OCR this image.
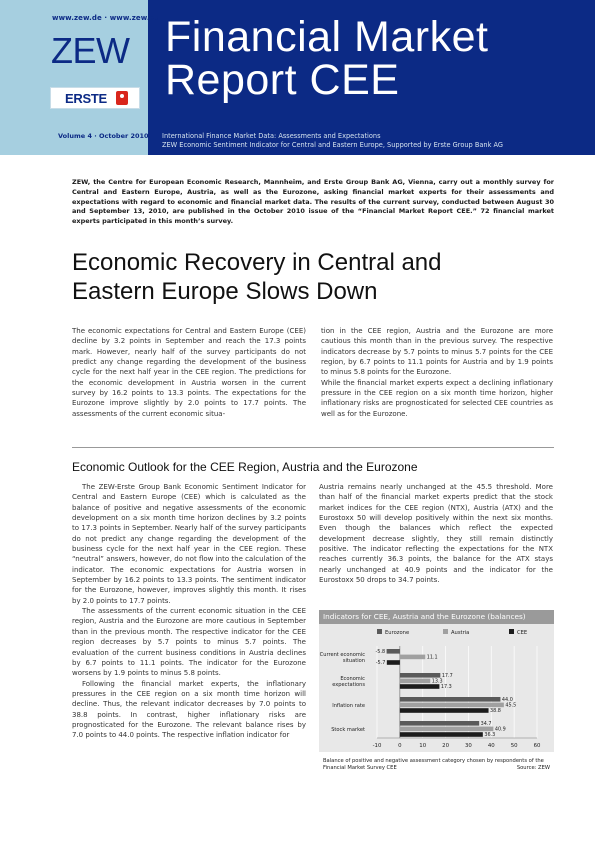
www.zew.de · www.zew.eu
ZEW
ERSTE
Financial Market
Report CEE
Volume 4 · October 2010 International Finance Market Data: Assessments and Expectations
ZEW Economic Sentiment Indicator for Central and Eastern Europe, Supported by Erste Group Bank AG

ZEW, the Centre for European Economic Research, Mannheim, and Erste Group Bank AG, Vienna, carry out a monthly survey for Central and Eastern Europe, Austria, as well as the Eurozone, asking financial market experts for their assessments and expectations with regard to economic and financial market data. The results of the current survey, conducted between August 30 and September 13, 2010, are published in the October 2010 issue of the “Financial Market Report CEE.” 72 financial market experts participated in this month’s survey.

Economic Recovery in Central and
Eastern Europe Slows Down

The economic expectations for Central and Eastern Europe (CEE) decline by 3.2 points in September and reach the 17.3 points mark. However, nearly half of the survey participants do not predict any change regarding the development of the business cycle for the next half year in the CEE region. The predictions for the economic development in Austria worsen in the current survey by 16.2 points to 13.3 points. The expectations for the Eurozone improve slightly by 2.0 points to 17.7 points. The assessments of the current economic situa-

tion in the CEE region, Austria and the Eurozone are more cautious this month than in the previous survey. The respective indicators decrease by 5.7 points to minus 5.7 points for the CEE region, by 6.7 points to 11.1 points for Austria and by 1.9 points to minus 5.8 points for the Eurozone.

While the financial market experts expect a declining inflationary pressure in the CEE region on a six month time horizon, higher inflationary risks are prognosticated for selected CEE countries as well as for the Eurozone.

Economic Outlook for the CEE Region, Austria and the Eurozone

The ZEW-Erste Group Bank Economic Sentiment Indicator for Central and Eastern Europe (CEE) which is calculated as the balance of positive and negative assessments of the economic development on a six month time horizon declines by 3.2 points to 17.3 points in September. Nearly half of the survey participants do not predict any change regarding the development of the business cycle for the next half year in the CEE region. These “neutral” answers, however, do not flow into the calculation of the indicator. The economic expectations for Austria worsen in September by 16.2 points to 13.3 points. The sentiment indicator for the Eurozone, however, improves slightly this month. It rises by 2.0 points to 17.7 points.

The assessments of the current economic situation in the CEE region, Austria and the Eurozone are more cautious in September than in the previous month. The respective indicator for the CEE region decreases by 5.7 points to minus 5.7 points. The evaluation of the current business conditions in Austria declines by 6.7 points to 11.1 points. The indicator for the Eurozone worsens by 1.9 points to minus 5.8 points.

Following the financial market experts, the inflationary pressures in the CEE region on a six month time horizon will decline. Thus, the relevant indicator decreases by 7.0 points to 38.8 points. In contrast, higher inflationary risks are prognosticated for the Eurozone. The relevant balance rises by 7.0 points to 44.0 points. The respective inflation indicator for

Austria remains nearly unchanged at the 45.5 threshold. More than half of the financial market experts predict that the stock market indices for the CEE region (NTX), Austria (ATX) and the Eurostoxx 50 will develop positively within the next six months. Even though the balances which reflect the expected development decrease slightly, they still remain distinctly positive. The indicator reflecting the expectations for the NTX reaches currently 36.3 points, the balance for the ATX stays nearly unchanged at 40.9 points and the indicator for the Eurostoxx 50 drops to 34.7 points.

Indicators for CEE, Austria and the Eurozone (balances)
Eurozone	Austria	CEE
-10	0	10	20	30	40	50	60
Current economic
situation
-5.8
11.1
-5.7
Economic
expectations
17.7
13.3
17.3
Inflation rate
44.0
45.5
38.8
Stock market
34.7
40.9
36.3
Balance of positive and negative assessment category chosen by respondents of the Financial Market Survey CEE	Source: ZEW
